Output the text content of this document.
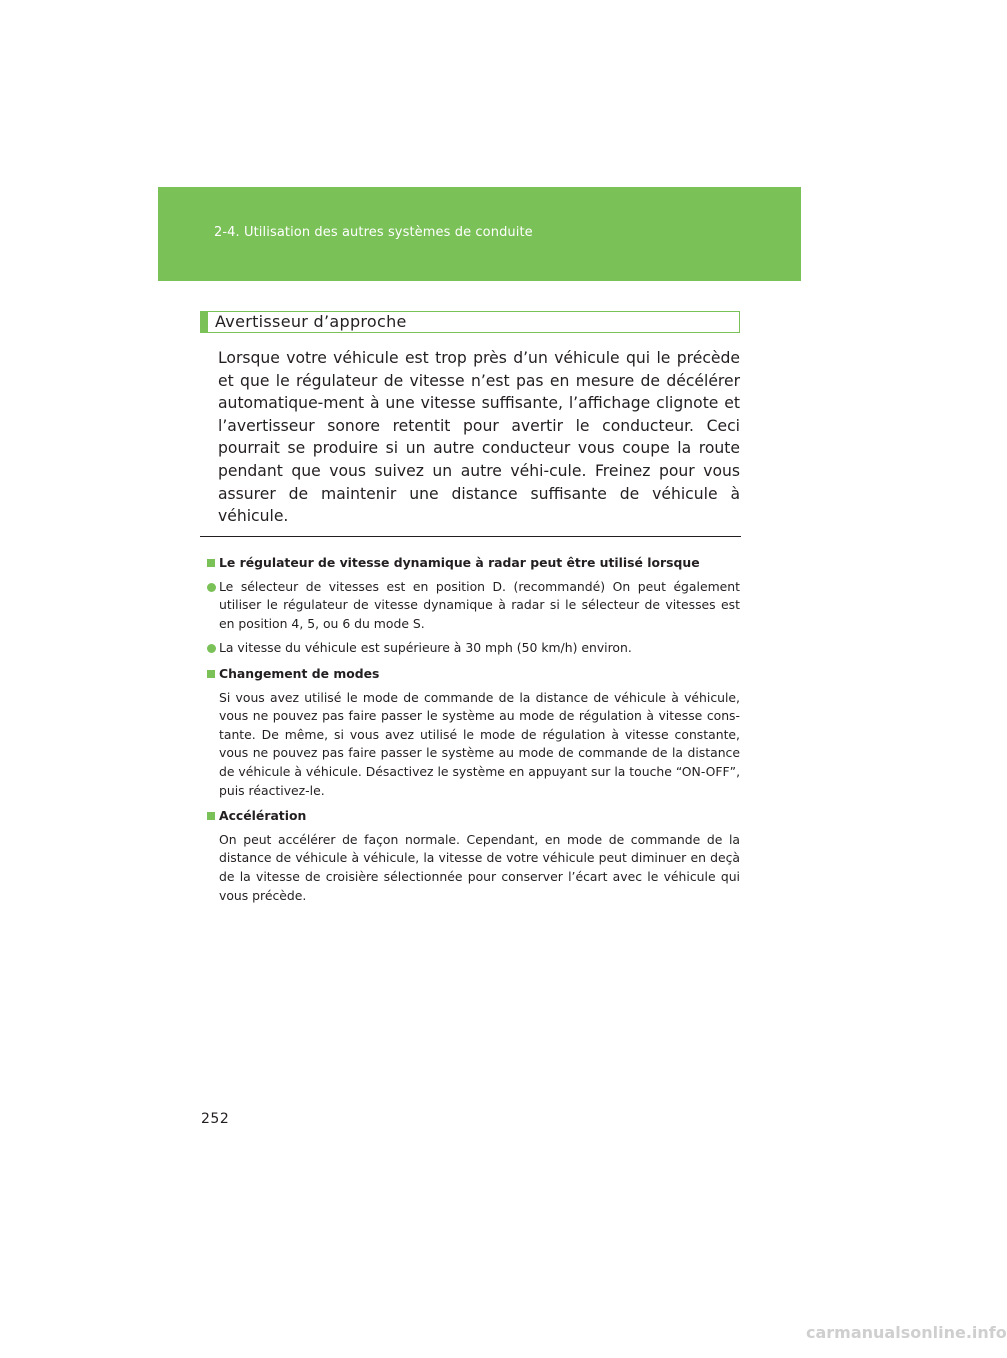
2-4. Utilisation des autres systèmes de conduite
Avertisseur d’approche

Lorsque votre véhicule est trop près d’un véhicule qui le précède et que le régulateur de vitesse n’est pas en mesure de décélérer automatique-ment à une vitesse suffisante, l’affichage clignote et l’avertisseur sonore retentit pour avertir le conducteur. Ceci pourrait se produire si un autre conducteur vous coupe la route pendant que vous suivez un autre véhi-cule. Freinez pour vous assurer de maintenir une distance suffisante de véhicule à véhicule.

Le régulateur de vitesse dynamique à radar peut être utilisé lorsque
Le sélecteur de vitesses est en position D. (recommandé) On peut également utiliser le régulateur de vitesse dynamique à radar si le sélecteur de vitesses est en position 4, 5, ou 6 du mode S.
La vitesse du véhicule est supérieure à 30 mph (50 km/h) environ.
Changement de modes

Si vous avez utilisé le mode de commande de la distance de véhicule à véhicule, vous ne pouvez pas faire passer le système au mode de régulation à vitesse cons-tante. De même, si vous avez utilisé le mode de régulation à vitesse constante, vous ne pouvez pas faire passer le système au mode de commande de la distance de véhicule à véhicule. Désactivez le système en appuyant sur la touche “ON-OFF”, puis réactivez-le.

Accélération

On peut accélérer de façon normale. Cependant, en mode de commande de la distance de véhicule à véhicule, la vitesse de votre véhicule peut diminuer en deçà de la vitesse de croisière sélectionnée pour conserver l’écart avec le véhicule qui vous précède.

252
carmanualsonline.info
